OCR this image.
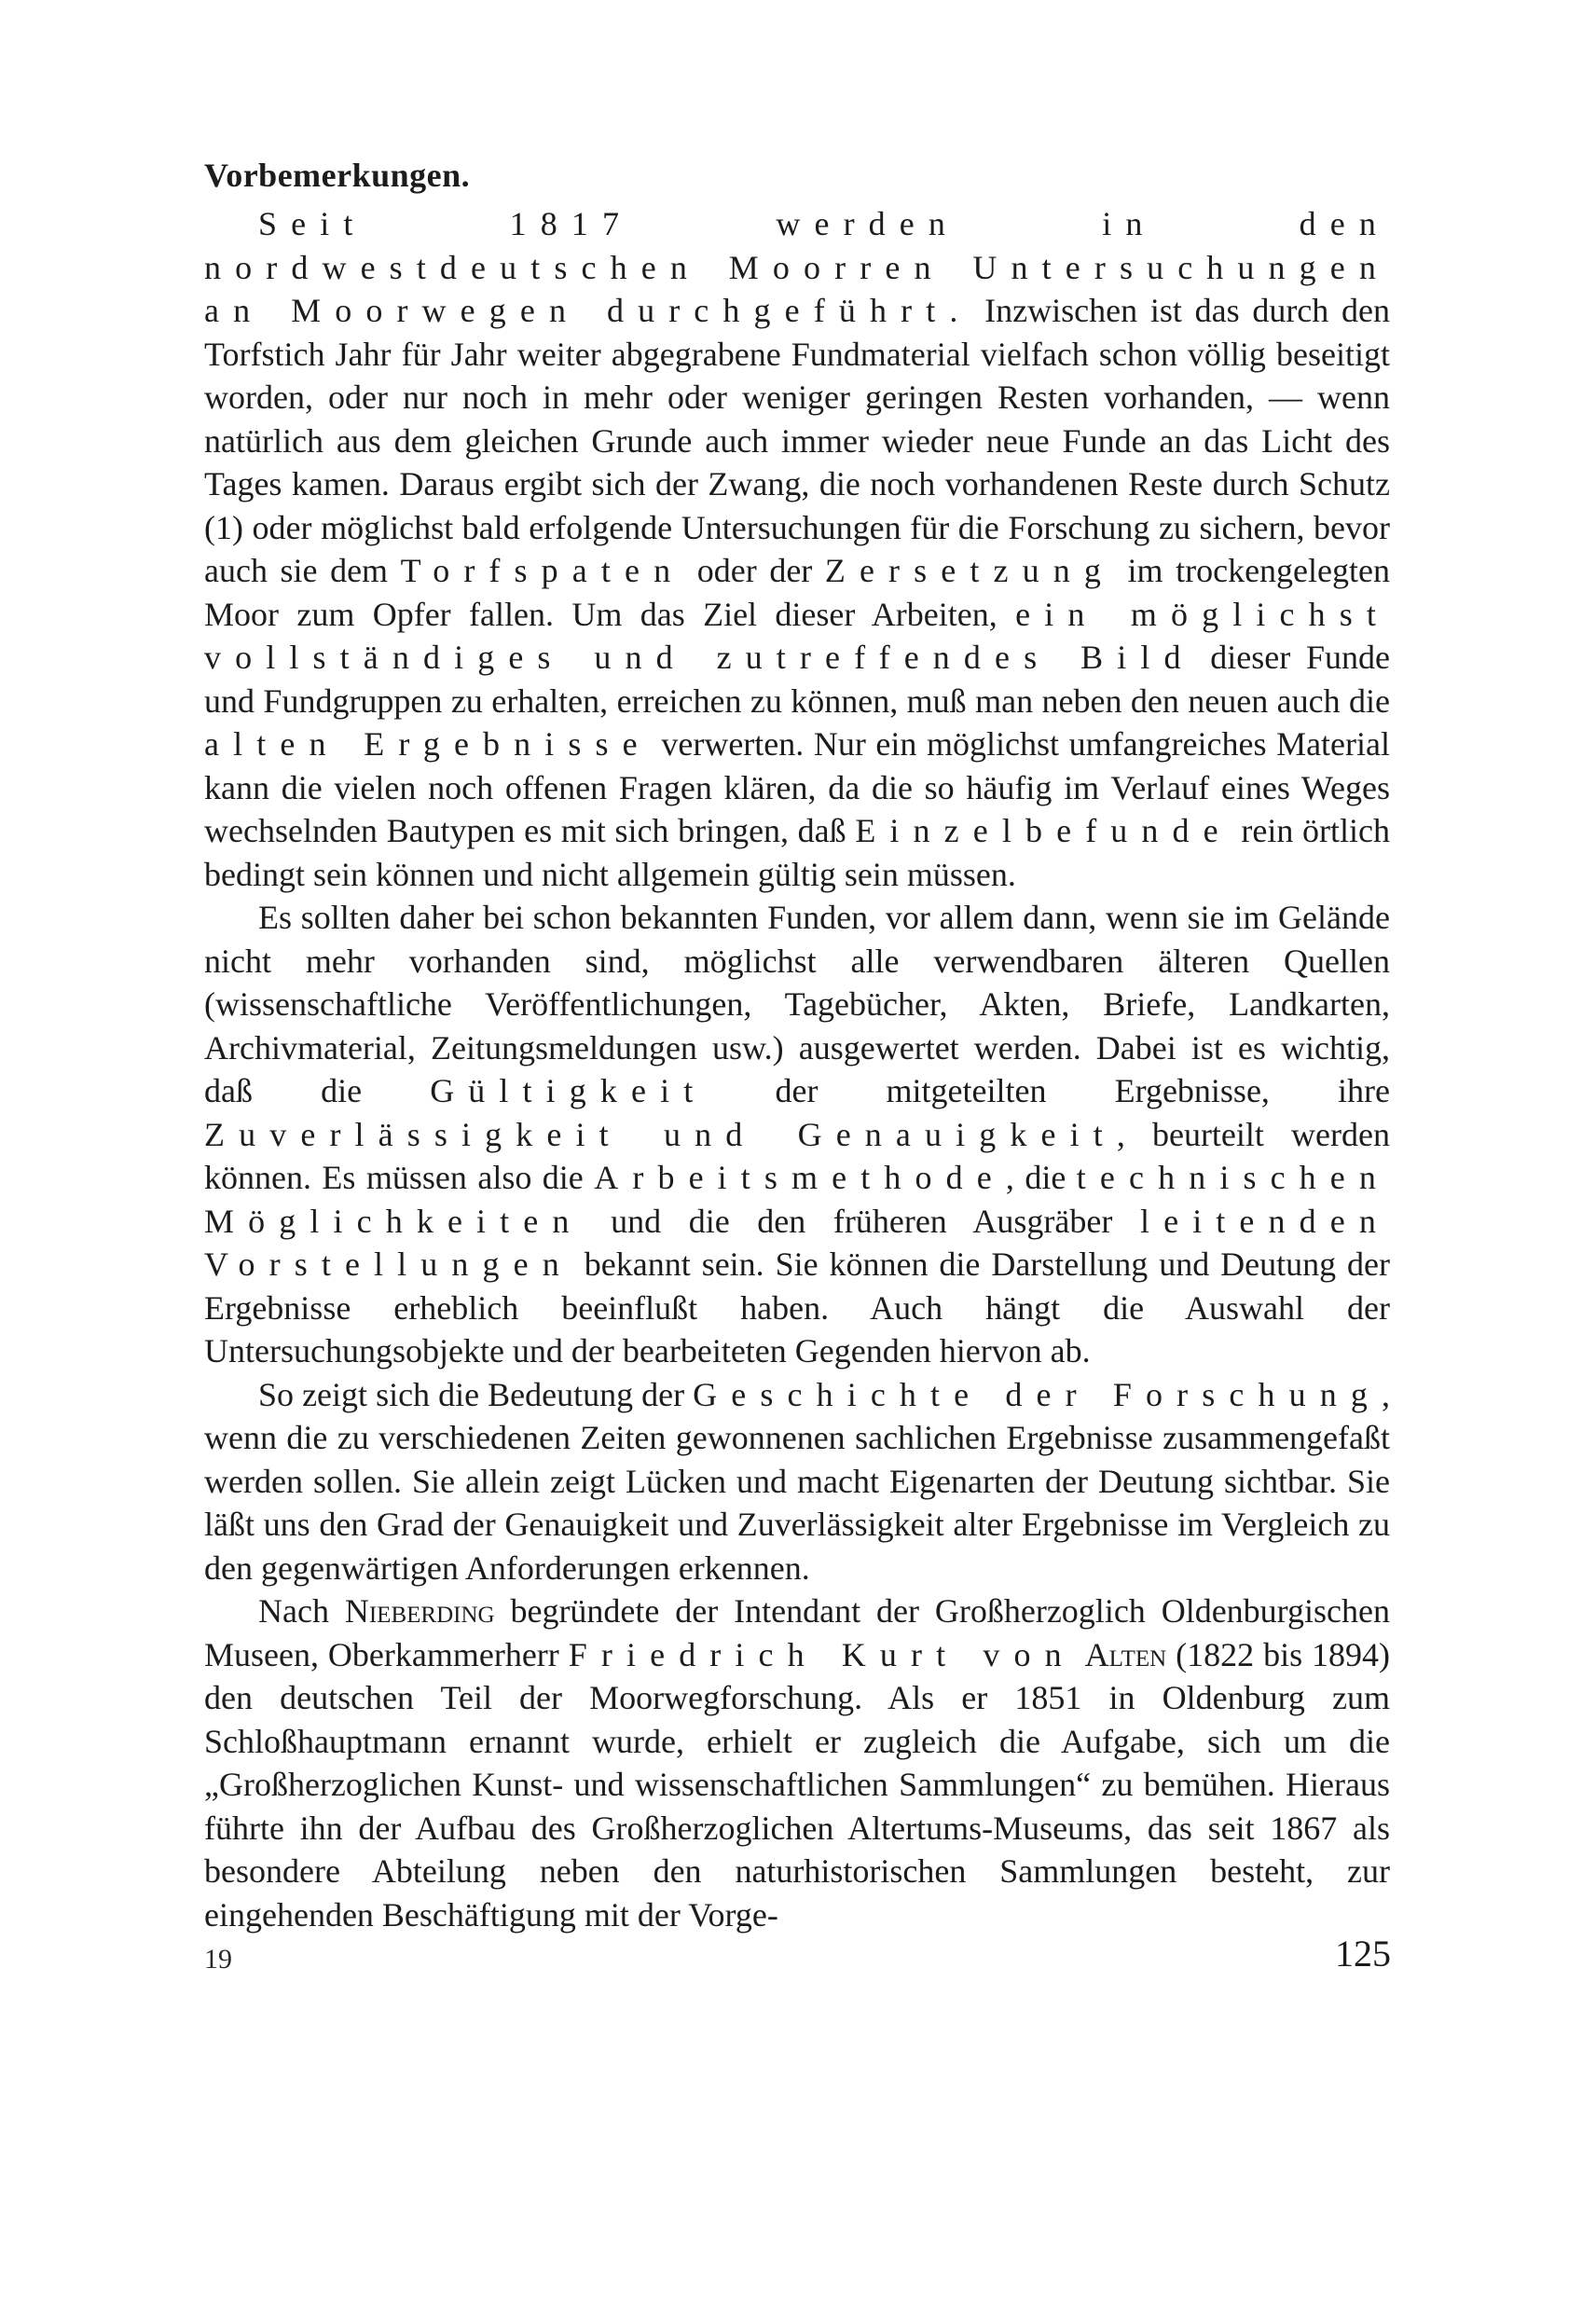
Vorbemerkungen.

Seit 1817 werden in den nordwestdeutschen Moorren Untersuchungen an Moorwegen durchgeführt. Inzwischen ist das durch den Torfstich Jahr für Jahr weiter abgegrabene Fundmaterial vielfach schon völlig beseitigt worden, oder nur noch in mehr oder weniger geringen Resten vorhanden, — wenn natürlich aus dem gleichen Grunde auch immer wieder neue Funde an das Licht des Tages kamen. Daraus ergibt sich der Zwang, die noch vorhandenen Reste durch Schutz (1) oder möglichst bald erfolgende Untersuchungen für die Forschung zu sichern, bevor auch sie dem Torfspaten oder der Zersetzung im trockengelegten Moor zum Opfer fallen. Um das Ziel dieser Arbeiten, ein möglichst vollständiges und zutreffendes Bild dieser Funde und Fundgruppen zu erhalten, erreichen zu können, muß man neben den neuen auch die alten Ergebnisse verwerten. Nur ein möglichst umfangreiches Material kann die vielen noch offenen Fragen klären, da die so häufig im Verlauf eines Weges wechselnden Bautypen es mit sich bringen, daß Einzelbefunde rein örtlich bedingt sein können und nicht allgemein gültig sein müssen.

Es sollten daher bei schon bekannten Funden, vor allem dann, wenn sie im Gelände nicht mehr vorhanden sind, möglichst alle verwendbaren älteren Quellen (wissenschaftliche Veröffentlichungen, Tagebücher, Akten, Briefe, Landkarten, Archivmaterial, Zeitungsmeldungen usw.) ausgewertet werden. Dabei ist es wichtig, daß die Gültigkeit der mitgeteilten Ergebnisse, ihre Zuverlässigkeit und Genauigkeit, beurteilt werden können. Es müssen also die Arbeitsmethode, die technischen Möglichkeiten und die den früheren Ausgräber leitenden Vorstellungen bekannt sein. Sie können die Darstellung und Deutung der Ergebnisse erheblich beeinflußt haben. Auch hängt die Auswahl der Untersuchungsobjekte und der bearbeiteten Gegenden hiervon ab.

So zeigt sich die Bedeutung der Geschichte der Forschung, wenn die zu verschiedenen Zeiten gewonnenen sachlichen Ergebnisse zusammengefaßt werden sollen. Sie allein zeigt Lücken und macht Eigenarten der Deutung sichtbar. Sie läßt uns den Grad der Genauigkeit und Zuverlässigkeit alter Ergebnisse im Vergleich zu den gegenwärtigen Anforderungen erkennen.

Nach Nieberding begründete der Intendant der Großherzoglich Oldenburgischen Museen, Oberkammerherr Friedrich Kurt von Alten (1822 bis 1894) den deutschen Teil der Moorwegforschung. Als er 1851 in Oldenburg zum Schloßhauptmann ernannt wurde, erhielt er zugleich die Aufgabe, sich um die „Großherzoglichen Kunst- und wissenschaftlichen Sammlungen“ zu bemühen. Hieraus führte ihn der Aufbau des Großherzoglichen Altertums-Museums, das seit 1867 als besondere Abteilung neben den naturhistorischen Sammlungen besteht, zur eingehenden Beschäftigung mit der Vorge-

19	125
